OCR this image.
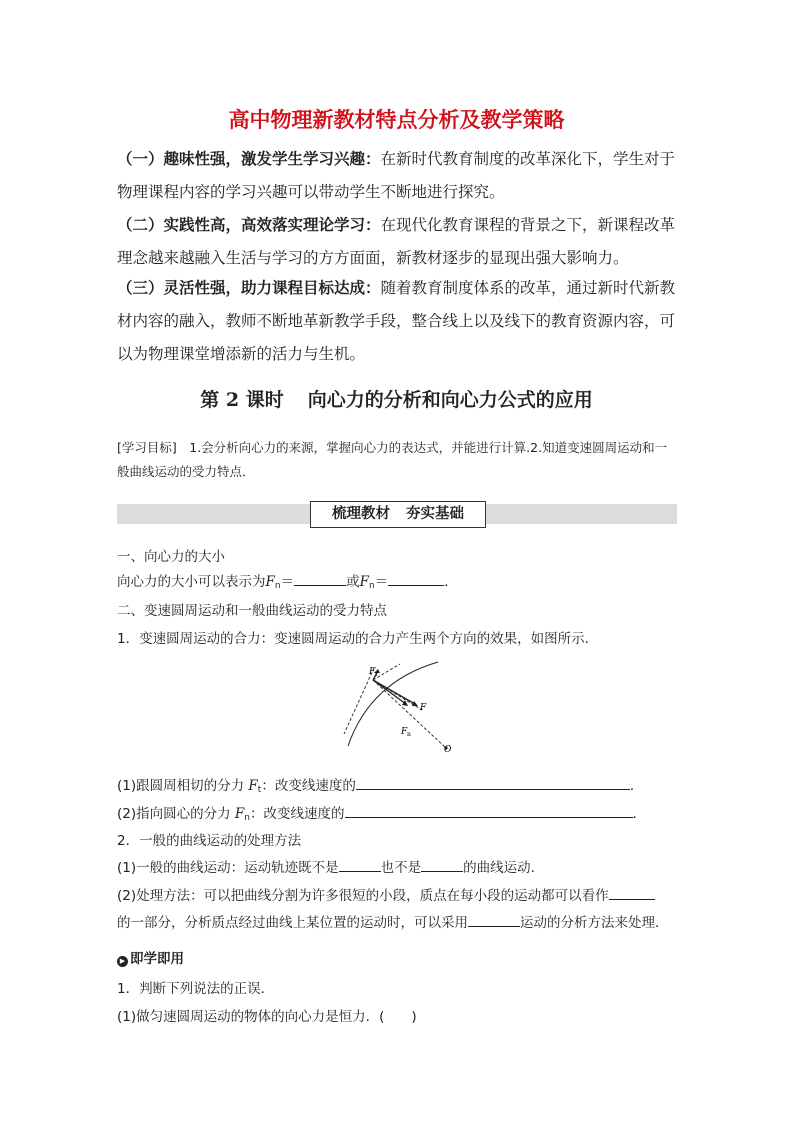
高中物理新教材特点分析及教学策略
（一）趣味性强，激发学生学习兴趣：在新时代教育制度的改革深化下，学生对于物理课程内容的学习兴趣可以带动学生不断地进行探究。
（二）实践性高，高效落实理论学习：在现代化教育课程的背景之下，新课程改革理念越来越融入生活与学习的方方面面，新教材逐步的显现出强大影响力。
（三）灵活性强，助力课程目标达成：随着教育制度体系的改革，通过新时代新教材内容的融入，教师不断地革新教学手段，整合线上以及线下的教育资源内容，可以为物理课堂增添新的活力与生机。
第 2 课时 向心力的分析和向心力公式的应用
[学习目标]　1.会分析向心力的来源，掌握向心力的表达式，并能进行计算.2.知道变速圆周运动和一般曲线运动的受力特点．
梳理教材 夯实基础
一、向心力的大小
向心力的大小可以表示为$F_n=$	或$F_n=$	．
二、变速圆周运动和一般曲线运动的受力特点
1．变速圆周运动的合力：变速圆周运动的合力产生两个方向的效果，如图所示．
F t
F
F n
O
(1)跟圆周相切的分力 $F_t$：改变线速度的	．
(2)指向圆心的分力 $F_n$：改变线速度的	．
2．一般的曲线运动的处理方法
(1)一般的曲线运动：运动轨迹既不是	也不是	的曲线运动．
(2)处理方法：可以把曲线分割为许多很短的小段，质点在每小段的运动都可以看作
的一部分，分析质点经过曲线上某位置的运动时，可以采用	运动的分析方法来处理．
▶ 即学即用
1．判断下列说法的正误．
(1)做匀速圆周运动的物体的向心力是恒力．(　　)
